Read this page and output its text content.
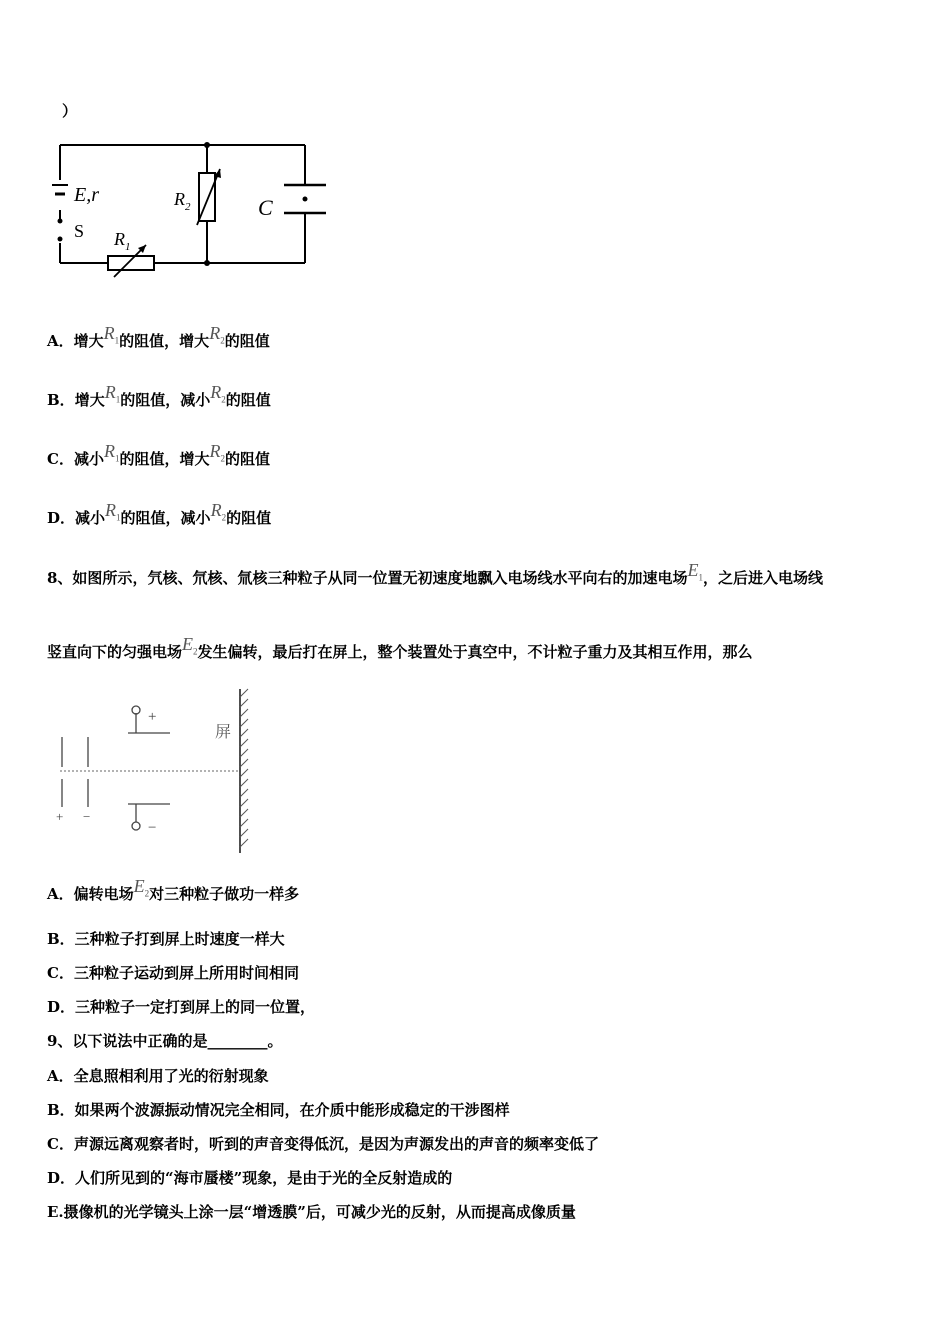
）
E,r
S $R_1$
$R_2$	C
A．增大$R_1$的阻值，增大$R_2$的阻值
B．增大$R_1$的阻值，减小$R_2$的阻值
C．减小$R_1$的阻值，增大$R_2$的阻值
D．减小$R_1$的阻值，减小$R_2$的阻值
8、如图所示，氕核、氘核、氚核三种粒子从同一位置无初速度地飘入电场线水平向右的加速电场$E_1$，之后进入电场线
竖直向下的匀强电场$E_2$发生偏转，最后打在屏上，整个装置处于真空中，不计粒子重力及其相互作用，那么
+
−
+ −
屏
A．偏转电场$E_2$对三种粒子做功一样多
B．三种粒子打到屏上时速度一样大
C．三种粒子运动到屏上所用时间相同
D．三种粒子一定打到屏上的同一位置，
9、以下说法中正确的是________。
A．全息照相利用了光的衍射现象
B．如果两个波源振动情况完全相同，在介质中能形成稳定的干涉图样
C．声源远离观察者时，听到的声音变得低沉，是因为声源发出的声音的频率变低了
D．人们所见到的“海市蜃楼”现象，是由于光的全反射造成的
E.摄像机的光学镜头上涂一层“增透膜”后，可减少光的反射，从而提高成像质量
